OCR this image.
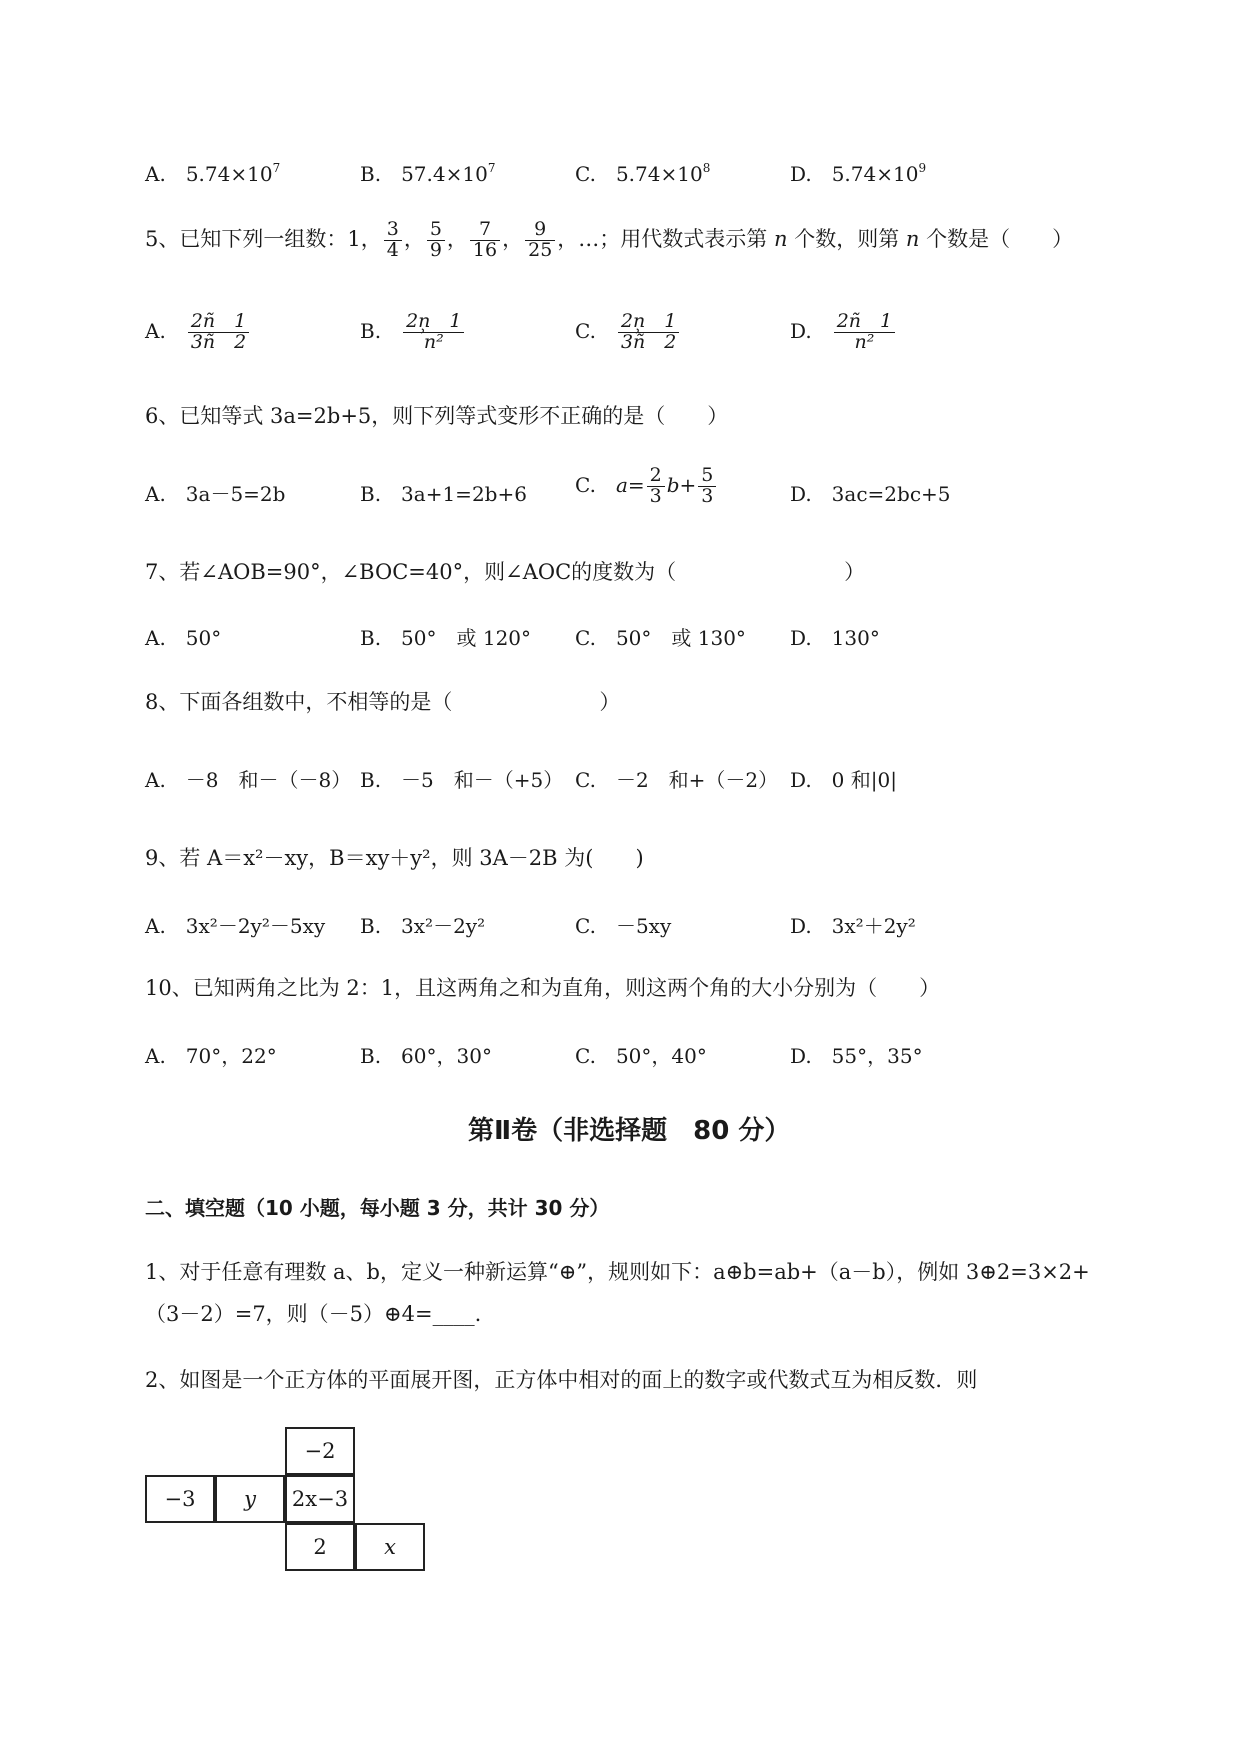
A.　 $5.74\times 10^7$	B.　 $57.4\times 10^7$	C.　 $5.74\times 10^8$	D.　 $5.74\times 10^9$
5、已知下列一组数：1， $\frac{3}{4}$ ， $\frac{5}{9}$ ， $\frac{7}{16}$ ， $\frac{9}{25}$ ，…；用代数式表示第 n 个数，则第 n 个数是（　　）
A.　 $\frac{2ñ 1}{3ñ 2}$	B.　 $\frac{2n̹ 1}{\text{n²}}$	C.　 $\frac{2n̹ 1}{3ñ 2}$	D.　 $\frac{2ñ 1}{\text{n²}}$
6、已知等式 3a=2b+5，则下列等式变形不正确的是（　　）
A.　3a－5=2b	B.　3a+1=2b+6 C.　 $a= \frac{2}{3} b+ \frac{5}{3}$	D.　3ac=2bc+5
7、若∠AOB=90°，∠BOC=40°，则∠AOC的度数为（　　　　　　　　）
A.　50°	B.　50°　或 120° C.　50°　或 130° D.　130°
8、下面各组数中，不相等的是（　　　　　　　）
A.　－8　和－（－8） B.　－5　和－（+5） C.　－2　和+（－2） D.　0 和|0|
9、若 A＝x²－xy，B＝xy＋y²，则 3A－2B 为(　　)
A.　3x²－2y²－5xy B.　3x²－2y²	C.　－5xy	D.　3x²＋2y²
10、已知两角之比为 2：1，且这两角之和为直角，则这两个角的大小分别为（　　）
A.　70°，22°	B.　60°，30°	C.　50°，40°	D.　55°，35°
第Ⅱ卷（非选择题　80 分）
二、填空题（10 小题，每小题 3 分，共计 30 分）
1、对于任意有理数 a、b，定义一种新运算“⊕”，规则如下：a⊕b=ab+（a－b），例如 3⊕2=3×2+
（3－2）=7，则（－5）⊕4=____.
2、如图是一个正方体的平面展开图，正方体中相对的面上的数字或代数式互为相反数．则
−2
−3	y	2x−3
2	x
